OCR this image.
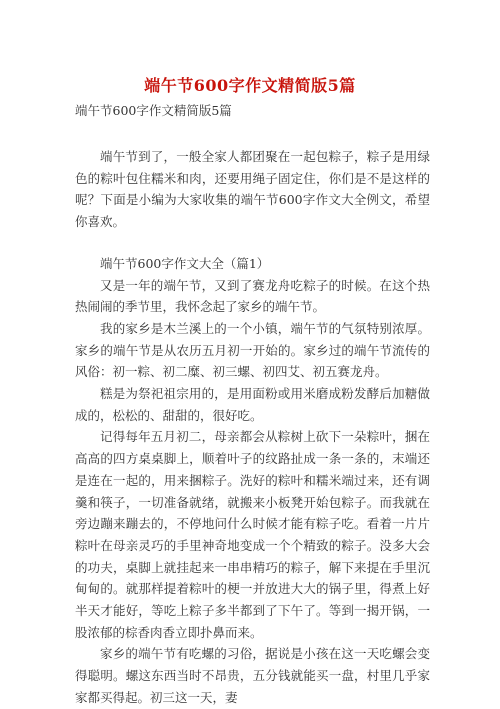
端午节600字作文精简版5篇
端午节600字作文精简版5篇

端午节到了，一般全家人都团聚在一起包粽子，粽子是用绿色的粽叶包住糯米和肉，还要用绳子固定住，你们是不是这样的呢？下面是小编为大家收集的端午节600字作文大全例文，希望你喜欢。

端午节600字作文大全（篇1）

又是一年的端午节，又到了赛龙舟吃粽子的时候。在这个热热闹闹的季节里，我怀念起了家乡的端午节。

我的家乡是木兰溪上的一个小镇，端午节的气氛特别浓厚。家乡的端午节是从农历五月初一开始的。家乡过的端午节流传的风俗：初一粽、初二糜、初三螺、初四艾、初五赛龙舟。

糕是为祭祀祖宗用的，是用面粉或用米磨成粉发酵后加糖做成的，松松的、甜甜的，很好吃。

记得每年五月初二，母亲都会从粽树上砍下一朵粽叶，捆在高高的四方桌桌脚上，顺着叶子的纹路扯成一条一条的，末端还是连在一起的，用来捆粽子。洗好的粽叶和糯米端过来，还有调羹和筷子，一切准备就绪，就搬来小板凳开始包粽子。而我就在旁边蹦来蹦去的，不停地问什么时候才能有粽子吃。看着一片片粽叶在母亲灵巧的手里神奇地变成一个个精致的粽子。没多大会的功夫，桌脚上就挂起来一串串精巧的粽子，解下来提在手里沉甸甸的。就那样提着粽叶的梗一并放进大大的锅子里，得煮上好半天才能好，等吃上粽子多半都到了下午了。等到一揭开锅，一股浓郁的棕香肉香立即扑鼻而来。

家乡的端午节有吃螺的习俗，据说是小孩在这一天吃螺会变得聪明。螺这东西当时不昂贵，五分钱就能买一盘，村里几乎家家都买得起。初三这一天，妻
